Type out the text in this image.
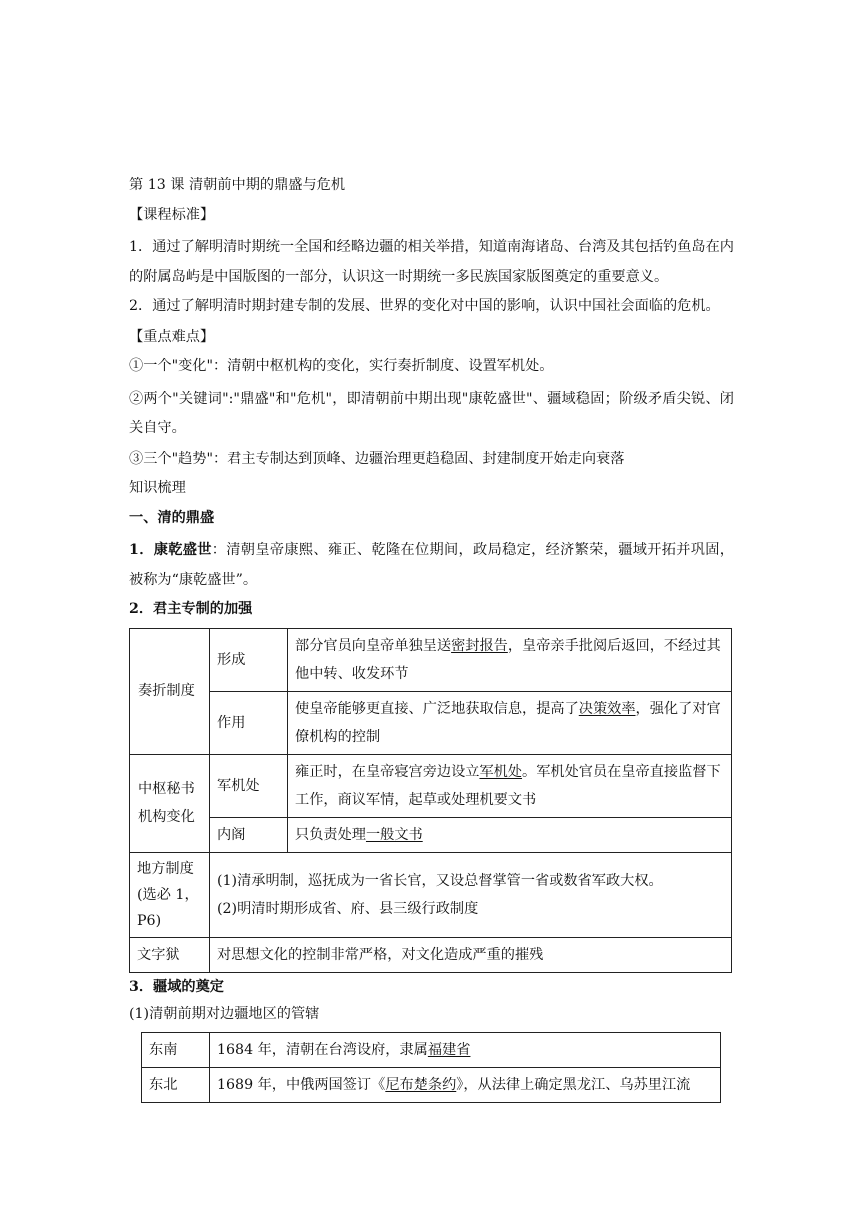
第 13 课 清朝前中期的鼎盛与危机
【课程标准】

1．通过了解明清时期统一全国和经略边疆的相关举措，知道南海诸岛、台湾及其包括钓鱼岛在内的附属岛屿是中国版图的一部分，认识这一时期统一多民族国家版图奠定的重要意义。

2．通过了解明清时期封建专制的发展、世界的变化对中国的影响，认识中国社会面临的危机。

【重点难点】
①一个"变化"：清朝中枢机构的变化，实行奏折制度、设置军机处。

②两个"关键词":"鼎盛"和"危机"，即清朝前中期出现"康乾盛世"、疆域稳固；阶级矛盾尖锐、闭关自守。

③三个"趋势"：君主专制达到顶峰、边疆治理更趋稳固、封建制度开始走向衰落
知识梳理
一、清的鼎盛

1．康乾盛世：清朝皇帝康熙、雍正、乾隆在位期间，政局稳定，经济繁荣，疆域开拓并巩固，被称为“康乾盛世”。

2．君主专制的加强
奏折制度	形成	部分官员向皇帝单独呈送密封报告，皇帝亲手批阅后返回，不经过其他中转、收发环节
	作用	使皇帝能够更直接、广泛地获取信息，提高了决策效率，强化了对官僚机构的控制
中枢秘书
机构变化	军机处	雍正时，在皇帝寝宫旁边设立军机处。军机处官员在皇帝直接监督下工作，商议军情，起草或处理机要文书
	内阁	只负责处理一般文书
地方制度
(选必 1，
P6)	(1)清承明制，巡抚成为一省长官，又设总督掌管一省或数省军政大权。
(2)明清时期形成省、府、县三级行政制度	
文字狱	对思想文化的控制非常严格，对文化造成严重的摧残	
3．疆域的奠定
(1)清朝前期对边疆地区的管辖
东南	1684 年，清朝在台湾设府，隶属福建省
东北	1689 年，中俄两国签订《尼布楚条约》，从法律上确定黑龙江、乌苏里江流
